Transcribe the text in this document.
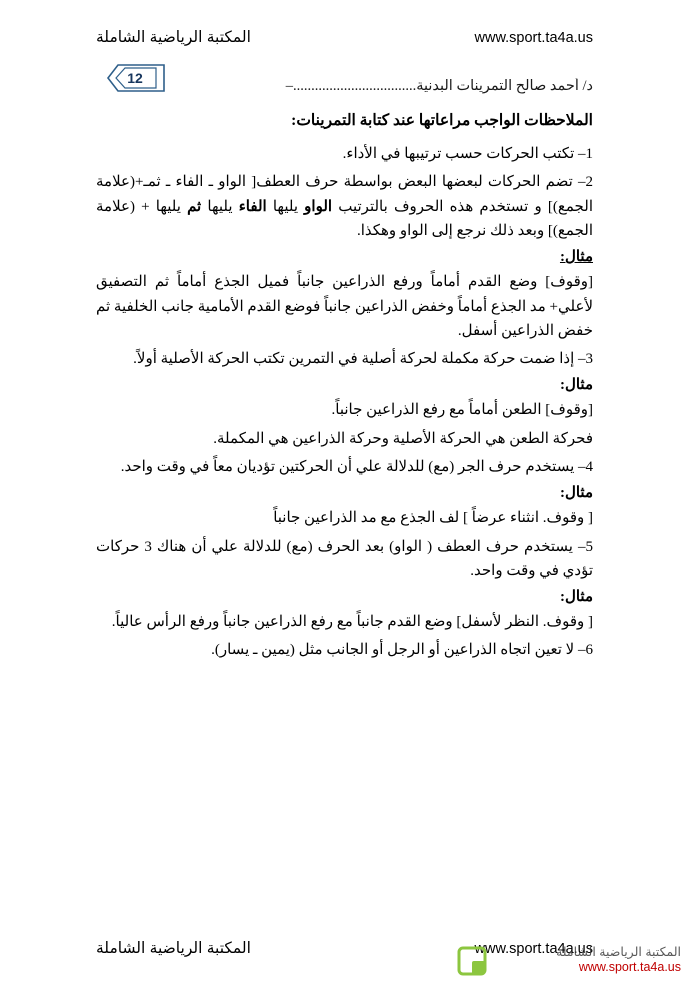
المكتبة الرياضية الشاملة	www.sport.ta4a.us
د/ أحمد صالح التمرينات البدنية..................................–
12
الملاحظات الواجب مراعاتها عند كتابة التمرينات:

1– تكتب الحركات حسب ترتيبها في الأداء.

2– تضم الحركات لبعضها البعض بواسطة حرف العطف[ الواو ـ الفاء ـ ثمـ+(علامة الجمع)] و تستخدم هذه الحروف بالترتيب الواو يليها الفاء يليها ثم يليها + (علامة الجمع)] وبعد ذلك نرجع إلى الواو وهكذا.

مثال:

[وقوف] وضع القدم أماماً ورفع الذراعين جانباً فميل الجذع أماماً ثم التصفيق لأعلي+ مد الجذع أماماً وخفض الذراعين جانباً فوضع القدم الأمامية جانب الخلفية ثم خفض الذراعين أسفل.

3– إذا ضمت حركة مكملة لحركة أصلية في التمرين تكتب الحركة الأصلية أولاً.

مثال:

[وقوف] الطعن أماماً مع رفع الذراعين جانباً.

فحركة الطعن هي الحركة الأصلية وحركة الذراعين هي المكملة.

4– يستخدم حرف الجر (مع) للدلالة علي أن الحركتين تؤديان معاً في وقت واحد.

مثال:

[ وقوف. انثناء عرضاً ] لف الجذع مع مد الذراعين جانباً

5– يستخدم حرف العطف ( الواو) بعد الحرف (مع) للدلالة علي أن هناك 3 حركات تؤدي في وقت واحد.

مثال:

[ وقوف. النظر لأسفل] وضع القدم جانباً مع رفع الذراعين جانباً ورفع الرأس عالياً.

6– لا تعين اتجاه الذراعين أو الرجل أو الجانب مثل (يمين ـ يسار).

المكتبة الرياضية الشاملة	www.sport.ta4a.us
المكتبة الرياضية الشاملة
www.sport.ta4a.us
